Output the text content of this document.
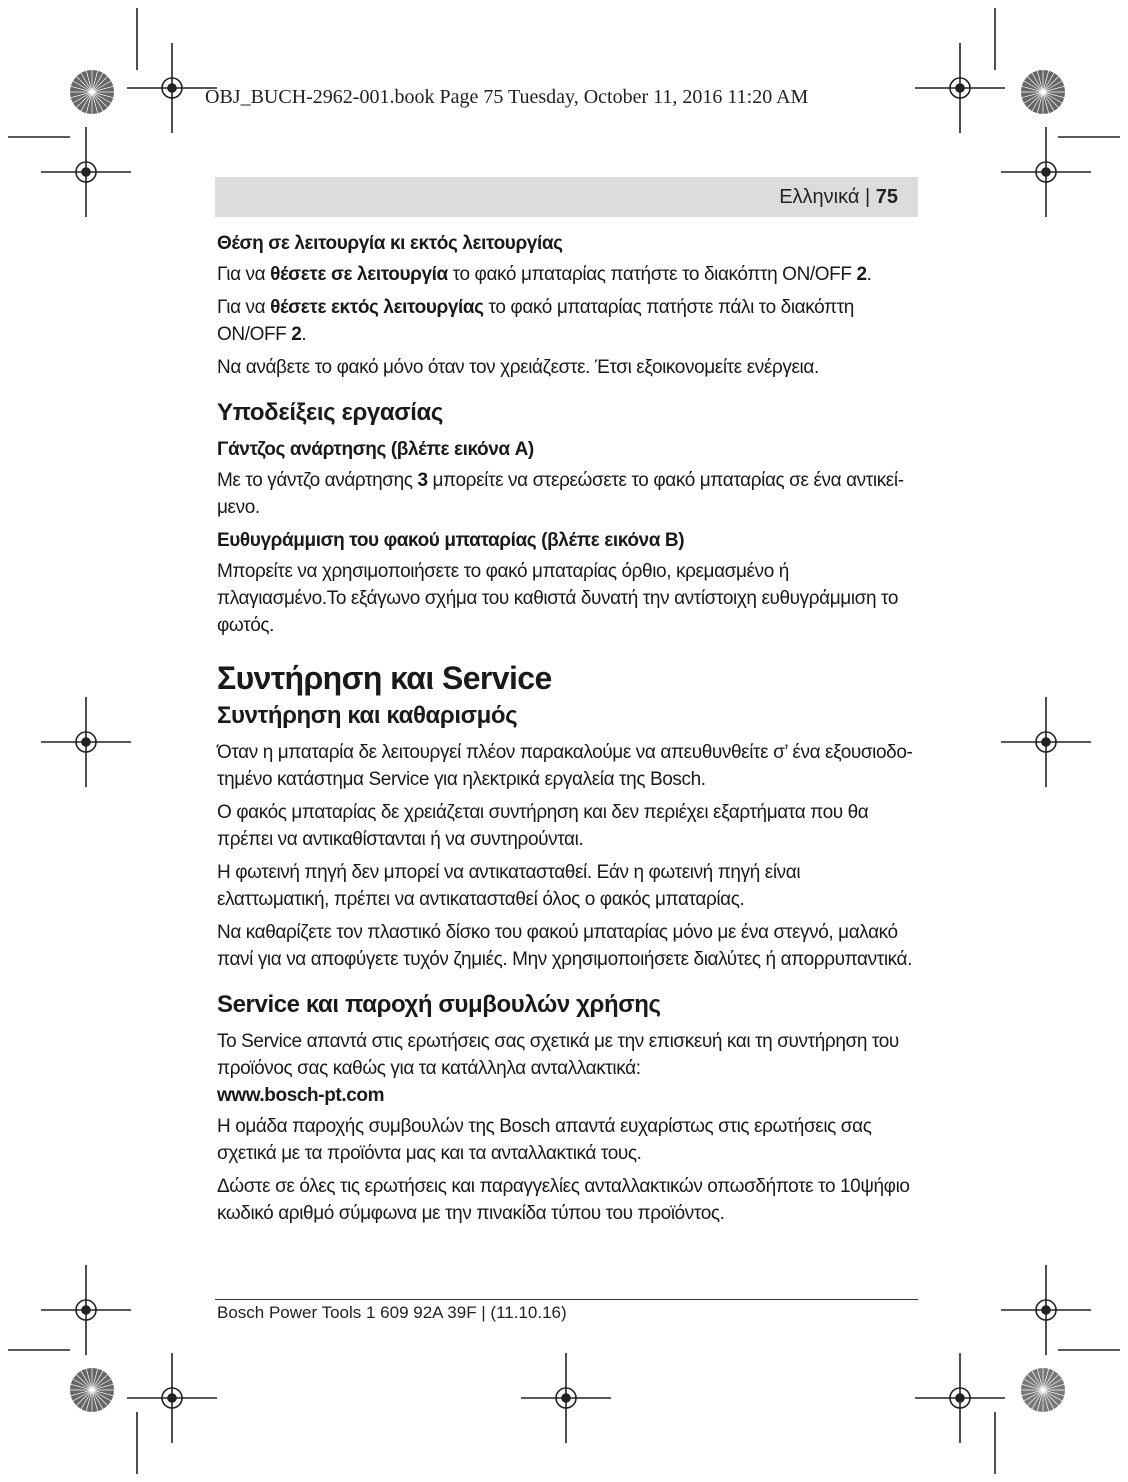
OBJ_BUCH-2962-001.book Page 75 Tuesday, October 11, 2016 11:20 AM
Ελληνικά | 75
Θέση σε λειτουργία κι εκτός λειτουργίας

Για να θέσετε σε λειτουργία το φακό μπαταρίας πατήστε το διακόπτη ON/OFF 2.

Για να θέσετε εκτός λειτουργίας το φακό μπαταρίας πατήστε πάλι το διακόπτη ON/OFF 2.

Να ανάβετε το φακό μόνο όταν τον χρειάζεστε. Έτσι εξοικονομείτε ενέργεια.

Υποδείξεις εργασίας
Γάντζος ανάρτησης (βλέπε εικόνα A)

Με το γάντζο ανάρτησης 3 μπορείτε να στερεώσετε το φακό μπαταρίας σε ένα αντικεί-μενο.

Ευθυγράμμιση του φακού μπαταρίας (βλέπε εικόνα B)

Μπορείτε να χρησιμοποιήσετε το φακό μπαταρίας όρθιο, κρεμασμένο ή πλαγιασμένο.Το εξάγωνο σχήμα του καθιστά δυνατή την αντίστοιχη ευθυγράμμιση το φωτός.

Συντήρηση και Service
Συντήρηση και καθαρισμός

Όταν η μπαταρία δε λειτουργεί πλέον παρακαλούμε να απευθυνθείτε σ’ ένα εξουσιοδο-τημένο κατάστημα Service για ηλεκτρικά εργαλεία της Bosch.

Ο φακός μπαταρίας δε χρειάζεται συντήρηση και δεν περιέχει εξαρτήματα που θα πρέπει να αντικαθίστανται ή να συντηρούνται.

Η φωτεινή πηγή δεν μπορεί να αντικατασταθεί. Εάν η φωτεινή πηγή είναι ελαττωματική, πρέπει να αντικατασταθεί όλος ο φακός μπαταρίας.

Να καθαρίζετε τον πλαστικό δίσκο του φακού μπαταρίας μόνο με ένα στεγνό, μαλακό πανί για να αποφύγετε τυχόν ζημιές. Μην χρησιμοποιήσετε διαλύτες ή απορρυπαντικά.

Service και παροχή συμβουλών χρήσης

Το Service απαντά στις ερωτήσεις σας σχετικά με την επισκευή και τη συντήρηση του προϊόνος σας καθώς για τα κατάλληλα ανταλλακτικά:

www.bosch-pt.com

Η ομάδα παροχής συμβουλών της Bosch απαντά ευχαρίστως στις ερωτήσεις σας σχετικά με τα προϊόντα μας και τα ανταλλακτικά τους.

Δώστε σε όλες τις ερωτήσεις και παραγγελίες ανταλλακτικών οπωσδήποτε το 10ψήφιο κωδικό αριθμό σύμφωνα με την πινακίδα τύπου του προϊόντος.

Bosch Power Tools 1 609 92A 39F | (11.10.16)
